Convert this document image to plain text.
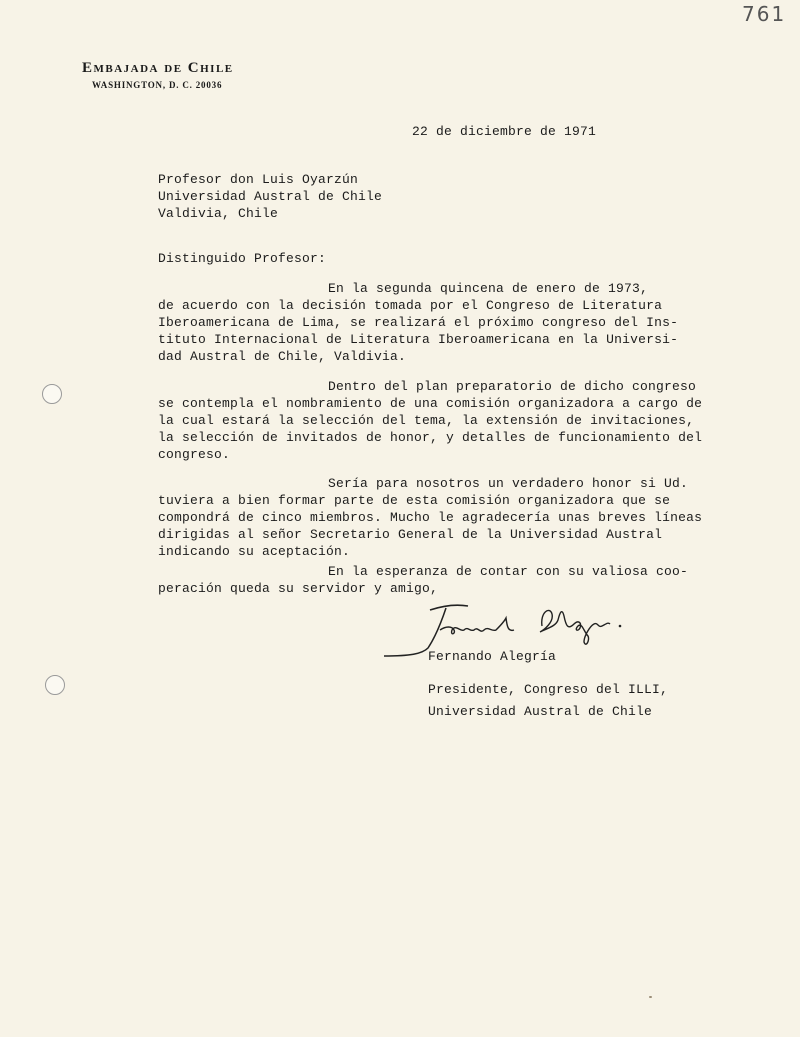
761
Embajada de Chile
WASHINGTON, D. C. 20036
22 de diciembre de 1971
Profesor don Luis Oyarzún
Universidad Austral de Chile
Valdivia, Chile
Distinguido Profesor:
En la segunda quincena de enero de 1973,
de acuerdo con la decisión tomada por el Congreso de Literatura
Iberoamericana de Lima, se realizará el próximo congreso del Ins-
tituto Internacional de Literatura Iberoamericana en la Universi-
dad Austral de Chile, Valdivia.
Dentro del plan preparatorio de dicho congreso
se contempla el nombramiento de una comisión organizadora a cargo de
la cual estará la selección del tema, la extensión de invitaciones,
la selección de invitados de honor, y detalles de funcionamiento del
congreso.
Sería para nosotros un verdadero honor si Ud.
tuviera a bien formar parte de esta comisión organizadora que se
compondrá de cinco miembros. Mucho le agradecería unas breves líneas
dirigidas al señor Secretario General de la Universidad Austral
indicando su aceptación.
En la esperanza de contar con su valiosa coo-
peración queda su servidor y amigo,
Fernando Alegría
Presidente, Congreso del ILLI,
Universidad Austral de Chile
